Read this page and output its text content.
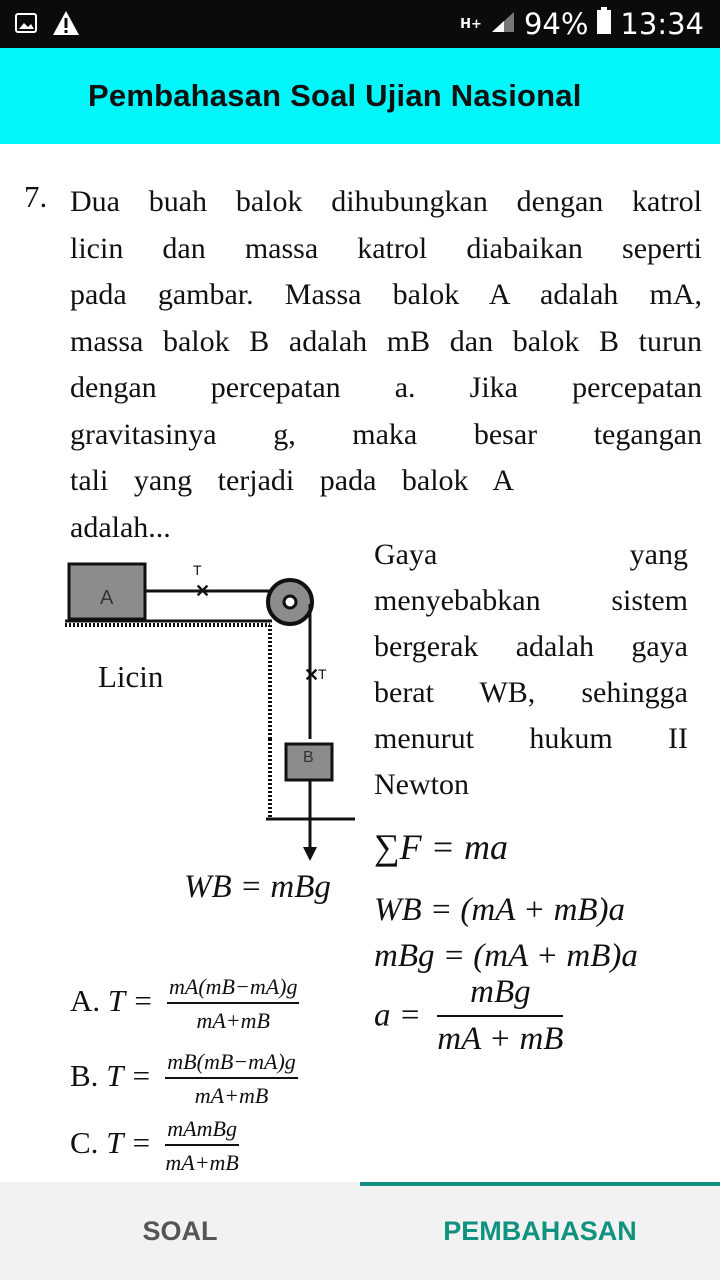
H+ 94% 13:34
Pembahasan Soal Ujian Nasional
7. Dua buah balok dihubungkan dengan katrol
licin dan massa katrol diabaikan seperti
pada gambar. Massa balok A adalah mA,
massa balok B adalah mB dan balok B turun
dengan percepatan a. Jika percepatan
gravitasinya g, maka besar tegangan
tali yang terjadi pada balok A
adalah...
✕
✕
A
T
T
B
Licin
WB = mBg
Gaya yang
menyebabkan sistem
bergerak adalah gaya
berat WB, sehingga
menurut hukum II
Newton
∑F = ma
WB = (mA + mB)a
mBg = (mA + mB)a
a =
mBg
mA + mB
A. $T = \frac{mA(mB-mA)g}{mA+mB}$
B. $T = \frac{mB(mB-mA)g}{mA+mB}$
C. $T = \frac{\text{mAmBg}}{mA+mB}$
SOAL	PEMBAHASAN
